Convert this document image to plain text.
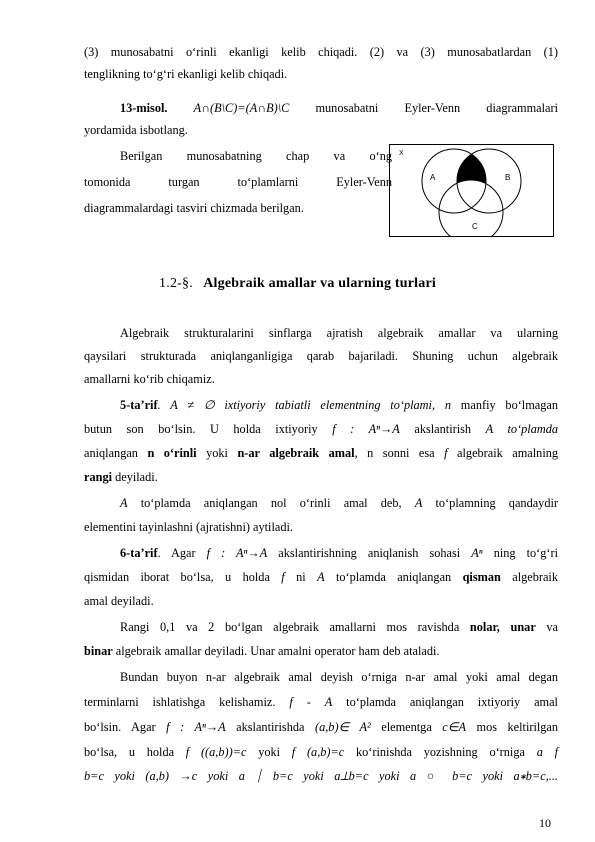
(3) munosabatni o‘rinli ekanligi kelib chiqadi. (2) va (3) munosabatlardan (1)
tenglikning to‘g‘ri ekanligi kelib chiqadi.
13-misol. A∩(B\C)=(A∩B)\C munosabatni Eyler-Venn diagrammalari
yordamida isbotlang.
Berilgan munosabatning chap va o‘ng
tomonida turgan to‘plamlarni Eyler-Venn
diagrammalardagi tasviri chizmada berilgan.
X
A	B
C
1.2-§. Algebraik amallar va ularning turlari
Algebraik strukturalarini sinflarga ajratish algebraik amallar va ularning
qaysilari strukturada aniqlanganligiga qarab bajariladi. Shuning uchun algebraik
amallarni ko‘rib chiqamiz.
5-ta’rif. A ≠ ∅ ixtiyoriy tabiatli elementning to‘plami, n manfiy bo‘lmagan
butun son bo‘lsin. U holda ixtiyoriy f : Aⁿ→A akslantirish A to‘plamda
aniqlangan n o‘rinli yoki n-ar algebraik amal, n sonni esa f algebraik amalning
rangi deyiladi.
A to‘plamda aniqlangan nol o‘rinli amal deb, A to‘plamning qandaydir
elementini tayinlashni (ajratishni) aytiladi.
6-ta’rif. Agar f : Aⁿ→A akslantirishning aniqlanish sohasi Aⁿ ning to‘g‘ri
qismidan iborat bo‘lsa, u holda f ni A to‘plamda aniqlangan qisman algebraik
amal deyiladi.
Rangi 0,1 va 2 bo‘lgan algebraik amallarni mos ravishda nolar, unar va
binar algebraik amallar deyiladi. Unar amalni operator ham deb ataladi.
Bundan buyon n-ar algebraik amal deyish o‘rniga n-ar amal yoki amal degan
terminlarni ishlatishga kelishamiz. f - A to‘plamda aniqlangan ixtiyoriy amal
bo‘lsin. Agar f : Aⁿ→A akslantirishda (a,b)∈ A² elementga c∈A mos keltirilgan
bo‘lsa, u holda f ((a,b))=c yoki f (a,b)=c ko‘rinishda yozishning o‘rniga a f
b=c yoki (a,b) →c yoki a ⏐ b=c yoki a⊥b=c yoki a ○ b=c yoki a∗b=c,...
10
